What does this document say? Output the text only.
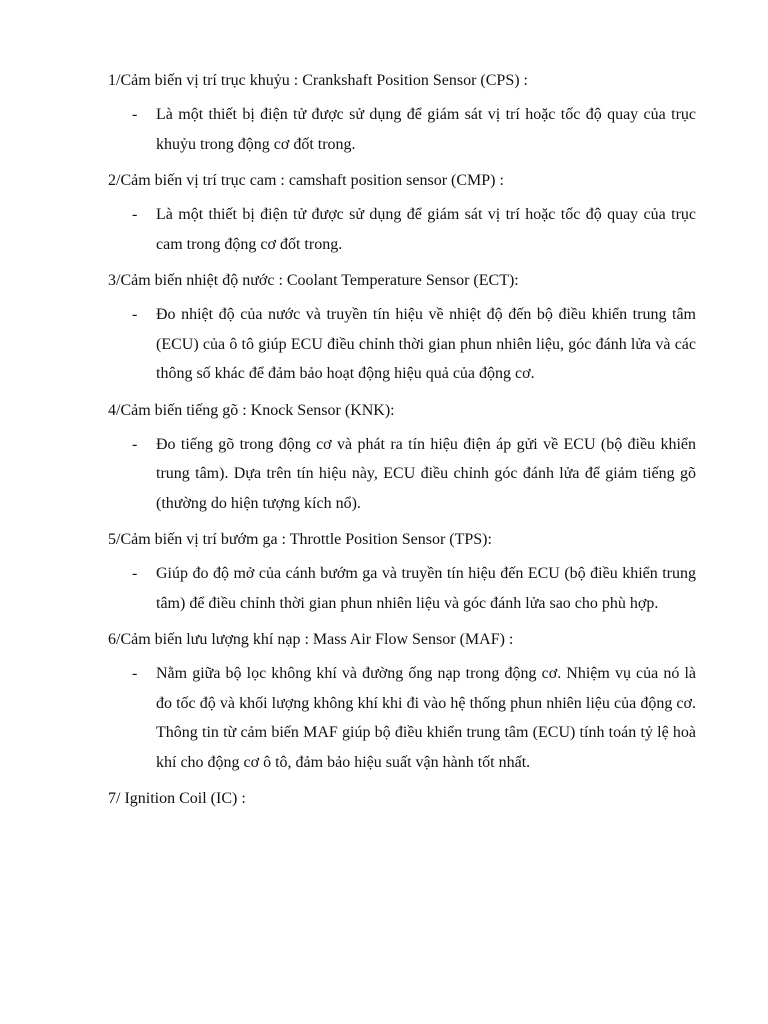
1/Cảm biến vị trí trục khuỷu : Crankshaft Position Sensor (CPS) :

- Là một thiết bị điện tử được sử dụng để giám sát vị trí hoặc tốc độ quay của trục khuỷu trong động cơ đốt trong.

2/Cảm biến vị trí trục cam : camshaft position sensor (CMP) :

- Là một thiết bị điện tử được sử dụng để giám sát vị trí hoặc tốc độ quay của trục cam trong động cơ đốt trong.

3/Cảm biến nhiệt độ nước : Coolant Temperature Sensor (ECT):

- Đo nhiệt độ của nước và truyền tín hiệu về nhiệt độ đến bộ điều khiển trung tâm (ECU) của ô tô giúp ECU điều chỉnh thời gian phun nhiên liệu, góc đánh lửa và các thông số khác để đảm bảo hoạt động hiệu quả của động cơ.

4/Cảm biến tiếng gõ : Knock Sensor (KNK):

- Đo tiếng gõ trong động cơ và phát ra tín hiệu điện áp gửi về ECU (bộ điều khiển trung tâm). Dựa trên tín hiệu này, ECU điều chỉnh góc đánh lửa để giảm tiếng gõ (thường do hiện tượng kích nổ).

5/Cảm biến vị trí bướm ga : Throttle Position Sensor (TPS):

- Giúp đo độ mở của cánh bướm ga và truyền tín hiệu đến ECU (bộ điều khiển trung tâm) để điều chỉnh thời gian phun nhiên liệu và góc đánh lửa sao cho phù hợp.

6/Cảm biến lưu lượng khí nạp : Mass Air Flow Sensor (MAF) :

- Nằm giữa bộ lọc không khí và đường ống nạp trong động cơ. Nhiệm vụ của nó là đo tốc độ và khối lượng không khí khi đi vào hệ thống phun nhiên liệu của động cơ. Thông tin từ cảm biến MAF giúp bộ điều khiển trung tâm (ECU) tính toán tỷ lệ hoà khí cho động cơ ô tô, đảm bảo hiệu suất vận hành tốt nhất.

7/ Ignition Coil (IC) :
